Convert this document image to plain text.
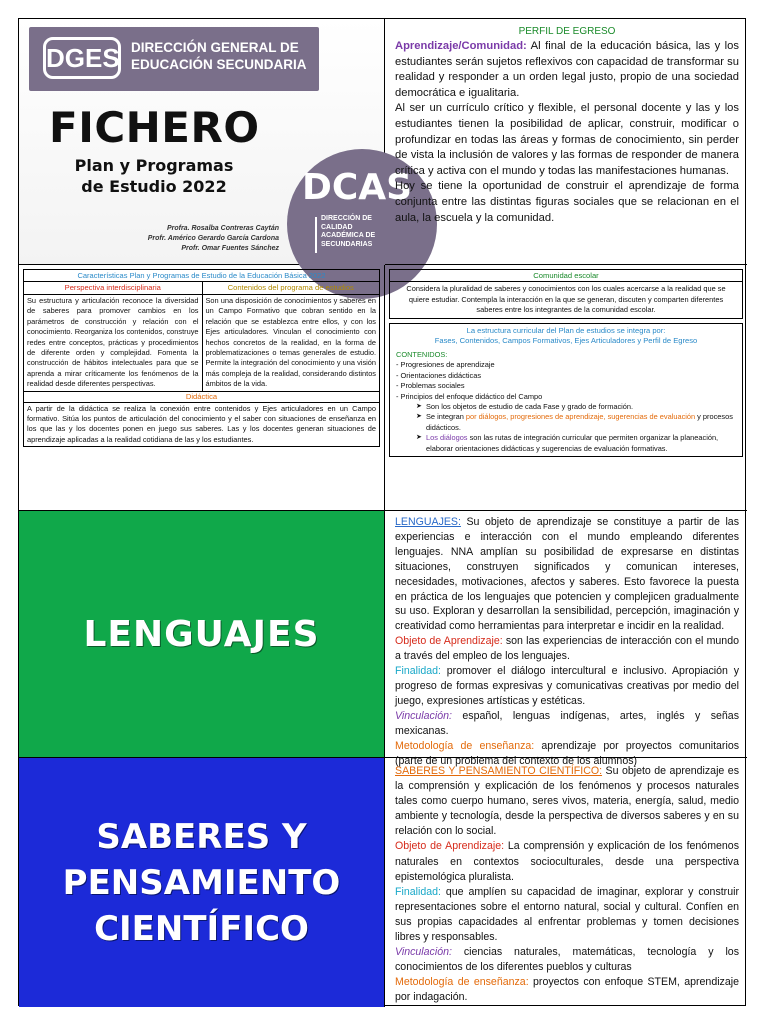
DGES DIRECCIÓN GENERAL DE EDUCACIÓN SECUNDARIA
FICHERO
Plan y Programas
de Estudio 2022	DCAS
DIRECCIÓN DE CALIDAD ACADÉMICA DE SECUNDARIAS
Profra. Rosalba Contreras Caytán
Profr. Américo Gerardo García Cardona
Profr. Omar Fuentes Sánchez
PERFIL DE EGRESO
Aprendizaje/Comunidad: Al final de la educación básica, las y los estudiantes serán sujetos reflexivos con capacidad de transformar su realidad y responder a un orden legal justo, propio de una sociedad democrática e igualitaria.
Al ser un currículo crítico y flexible, el personal docente y las y los estudiantes tienen la posibilidad de aplicar, construir, modificar o profundizar en todas las áreas y formas de conocimiento, sin perder de vista la inclusión de valores y las formas de responder de manera crítica y activa con el mundo y todas las manifestaciones humanas.
Hoy se tiene la oportunidad de construir el aprendizaje de forma conjunta entre las distintas figuras sociales que se relacionan en el aula, la escuela y la comunidad.
Características Plan y Programas de Estudio de la Educación Básica 2022
Perspectiva interdisciplinaria	Contenidos del programa de estudios
Su estructura y articulación reconoce la diversidad de saberes para promover cambios en los parámetros de construcción y relación con el conocimiento. Reorganiza los contenidos, construye redes entre conceptos, prácticas y procedimientos de diferente orden y complejidad. Fomenta la construcción de hábitos intelectuales para que se aprenda a mirar críticamente los fenómenos de la realidad desde diferentes perspectivas.
Son una disposición de conocimientos y saberes en un Campo Formativo que cobran sentido en la relación que se establezca entre ellos, y con los Ejes articuladores. Vinculan el conocimiento con hechos concretos de la realidad, en la forma de problematizaciones o temas generales de estudio. Permite la integración del conocimiento y una visión más compleja de la realidad, considerando distintos ámbitos de la vida.
Didáctica
A partir de la didáctica se realiza la conexión entre contenidos y Ejes articuladores en un Campo formativo. Sitúa los puntos de articulación del conocimiento y el saber con situaciones de enseñanza en los que las y los docentes ponen en juego sus saberes. Las y los docentes generan situaciones de aprendizaje aplicadas a la realidad cotidiana de las y los estudiantes.
Comunidad escolar
Considera la pluralidad de saberes y conocimientos con los cuales acercarse a la realidad que se quiere estudiar. Contempla la interacción en la que se generan, discuten y comparten diferentes saberes entre los integrantes de la comunidad escolar.
La estructura curricular del Plan de estudios se integra por:
Fases, Contenidos, Campos Formativos, Ejes Articuladores y Perfil de Egreso
CONTENIDOS:
- Progresiones de aprendizaje
- Orientaciones didácticas
- Problemas sociales
- Principios del enfoque didáctico del Campo
➤ Son los objetos de estudio de cada Fase y grado de formación.
➤ Se integran por diálogos, progresiones de aprendizaje, sugerencias de evaluación y procesos didácticos.
➤ Los diálogos son las rutas de integración curricular que permiten organizar la planeación, elaborar orientaciones didácticas y sugerencias de evaluación formativas.
LENGUAJES
LENGUAJES: Su objeto de aprendizaje se constituye a partir de las experiencias e interacción con el mundo empleando diferentes lenguajes. NNA amplían su posibilidad de expresarse en distintas situaciones, construyen significados y comunican intereses, necesidades, motivaciones, afectos y saberes. Esto favorece la puesta en práctica de los lenguajes que potencien y complejicen gradualmente su uso. Exploran y desarrollan la sensibilidad, percepción, imaginación y creatividad como herramientas para interpretar e incidir en la realidad.
Objeto de Aprendizaje: son las experiencias de interacción con el mundo a través del empleo de los lenguajes.
Finalidad: promover el diálogo intercultural e inclusivo. Apropiación y progreso de formas expresivas y comunicativas creativas por medio del juego, expresiones artísticas y estéticas.
Vinculación: español, lenguas indígenas, artes, inglés y señas mexicanas.
Metodología de enseñanza: aprendizaje por proyectos comunitarios (parte de un problema del contexto de los alumnos)
SABERES Y
PENSAMIENTO
CIENTÍFICO
SABERES Y PENSAMIENTO CIENTÍFICO: Su objeto de aprendizaje es la comprensión y explicación de los fenómenos y procesos naturales tales como cuerpo humano, seres vivos, materia, energía, salud, medio ambiente y tecnología, desde la perspectiva de diversos saberes y en su relación con lo social.
Objeto de Aprendizaje: La comprensión y explicación de los fenómenos naturales en contextos socioculturales, desde una perspectiva epistemológica pluralista.
Finalidad: que amplíen su capacidad de imaginar, explorar y construir representaciones sobre el entorno natural, social y cultural. Confíen en sus propias capacidades al enfrentar problemas y tomen decisiones libres y responsables.
Vinculación: ciencias naturales, matemáticas, tecnología y los conocimientos de los diferentes pueblos y culturas
Metodología de enseñanza: proyectos con enfoque STEM, aprendizaje por indagación.
